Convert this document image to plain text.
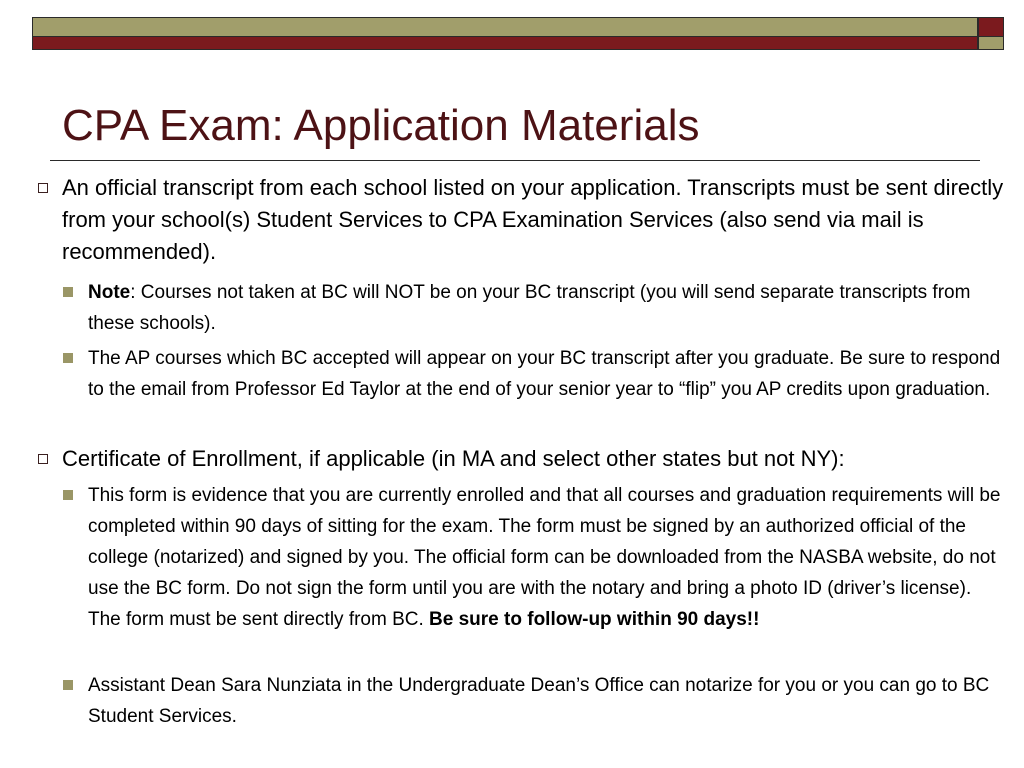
CPA Exam: Application Materials
An official transcript from each school listed on your application. Transcripts must be sent directly from your school(s) Student Services to CPA Examination Services (also send via mail is recommended).
Note: Courses not taken at BC will NOT be on your BC transcript (you will send separate transcripts from these schools).
The AP courses which BC accepted will appear on your BC transcript after you graduate. Be sure to respond to the email from Professor Ed Taylor at the end of your senior year to “flip” you AP credits upon graduation.
Certificate of Enrollment, if applicable (in MA and select other states but not NY):
This form is evidence that you are currently enrolled and that all courses and graduation requirements will be completed within 90 days of sitting for the exam. The form must be signed by an authorized official of the college (notarized) and signed by you. The official form can be downloaded from the NASBA website, do not use the BC form. Do not sign the form until you are with the notary and bring a photo ID (driver’s license). The form must be sent directly from BC. Be sure to follow-up within 90 days!!
Assistant Dean Sara Nunziata in the Undergraduate Dean’s Office can notarize for you or you can go to BC Student Services.
